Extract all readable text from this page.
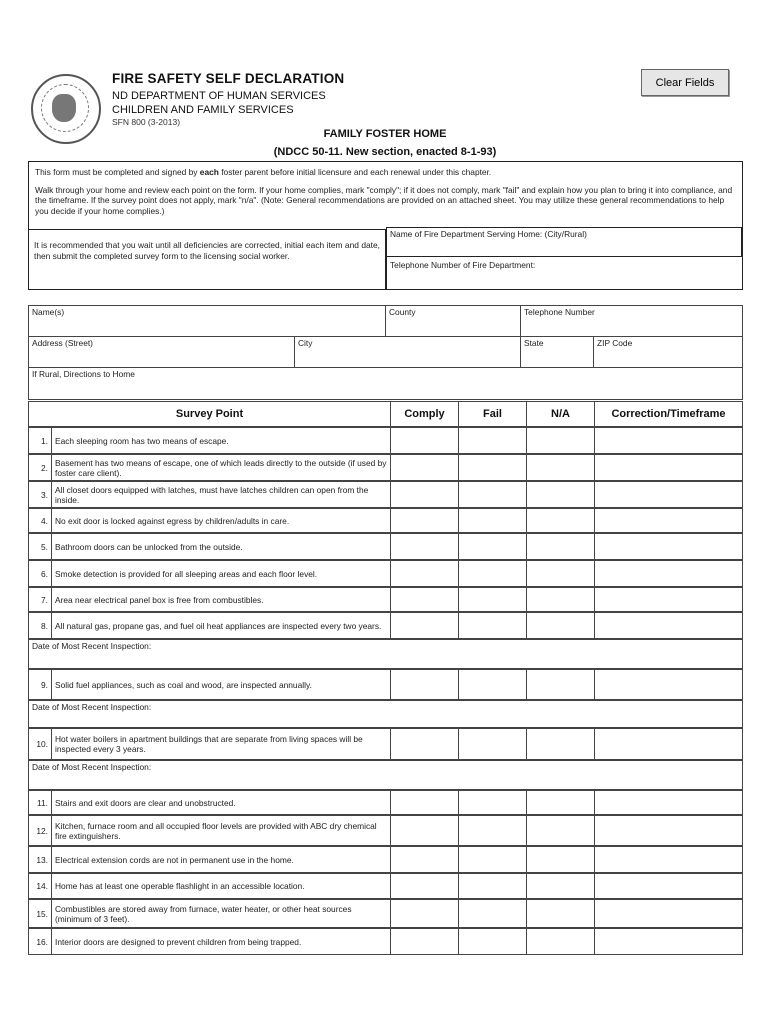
FIRE SAFETY SELF DECLARATION
ND DEPARTMENT OF HUMAN SERVICES
CHILDREN AND FAMILY SERVICES
SFN 800 (3-2013)
Clear Fields
FAMILY FOSTER HOME
(NDCC 50-11. New section, enacted 8-1-93)

This form must be completed and signed by each foster parent before initial licensure and each renewal under this chapter.

Walk through your home and review each point on the form. If your home complies, mark "comply"; if it does not comply, mark "fail" and explain how you plan to bring it into compliance, and the timeframe. If the survey point does not apply, mark "n/a". (Note: General recommendations are provided on an attached sheet. You may utilize these general recommendations to help you decide if your home complies.)

It is recommended that you wait until all deficiencies are corrected, initial each item and date, then submit the completed survey form to the licensing social worker.

Name of Fire Department Serving Home: (City/Rural)

Telephone Number of Fire Department:

Name(s)	County	Telephone Number
Address (Street)	City	State	ZIP Code
If Rural, Directions to Home
Survey Point	Comply	Fail	N/A	Correction/Timeframe
1. Each sleeping room has two means of escape.
2. Basement has two means of escape, one of which leads directly to the outside (if used by foster care client).
3. All closet doors equipped with latches, must have latches children can open from the inside.
4. No exit door is locked against egress by children/adults in care.
5. Bathroom doors can be unlocked from the outside.
6. Smoke detection is provided for all sleeping areas and each floor level.
7. Area near electrical panel box is free from combustibles.
8. All natural gas, propane gas, and fuel oil heat appliances are inspected every two years.
Date of Most Recent Inspection:
9. Solid fuel appliances, such as coal and wood, are inspected annually.
Date of Most Recent Inspection:
10. Hot water boilers in apartment buildings that are separate from living spaces will be inspected every 3 years.
Date of Most Recent Inspection:
11. Stairs and exit doors are clear and unobstructed.
12. Kitchen, furnace room and all occupied floor levels are provided with ABC dry chemical fire extinguishers.
13. Electrical extension cords are not in permanent use in the home.
14. Home has at least one operable flashlight in an accessible location.
15. Combustibles are stored away from furnace, water heater, or other heat sources (minimum of 3 feet).
16. Interior doors are designed to prevent children from being trapped.
